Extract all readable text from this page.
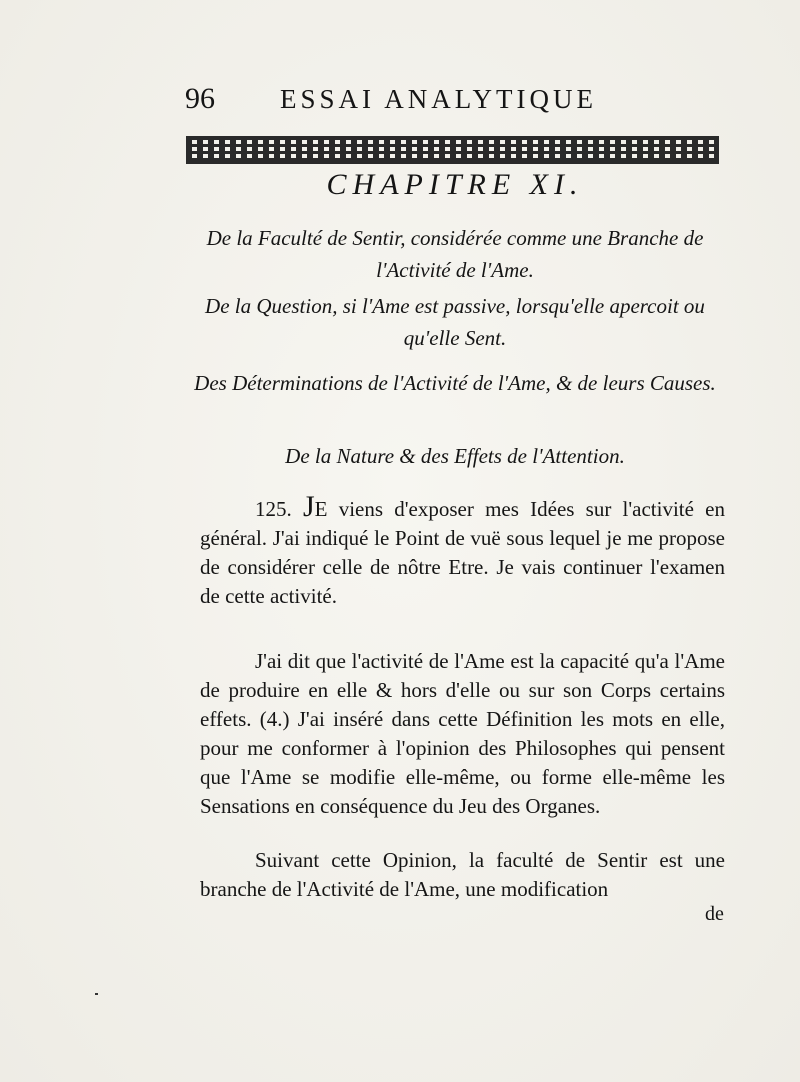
96 ESSAI ANALYTIQUE
CHAPITRE XI.

De la Faculté de Sentir, considérée comme une Branche de l'Activité de l'Ame.

De la Question, si l'Ame est passive, lorsqu'elle apercoit ou qu'elle Sent.

Des Déterminations de l'Activité de l'Ame, & de leurs Causes.

De la Nature & des Effets de l'Attention.

125. JE viens d'exposer mes Idées sur l'activité en général. J'ai indiqué le Point de vuë sous lequel je me propose de considérer celle de nôtre Etre. Je vais continuer l'examen de cette activité.

J'ai dit que l'activité de l'Ame est la capacité qu'a l'Ame de produire en elle & hors d'elle ou sur son Corps certains effets. (4.) J'ai inséré dans cette Définition les mots en elle, pour me conformer à l'opinion des Philosophes qui pensent que l'Ame se modifie elle-même, ou forme elle-même les Sensations en conséquence du Jeu des Organes.

Suivant cette Opinion, la faculté de Sentir est une branche de l'Activité de l'Ame, une modification

de
